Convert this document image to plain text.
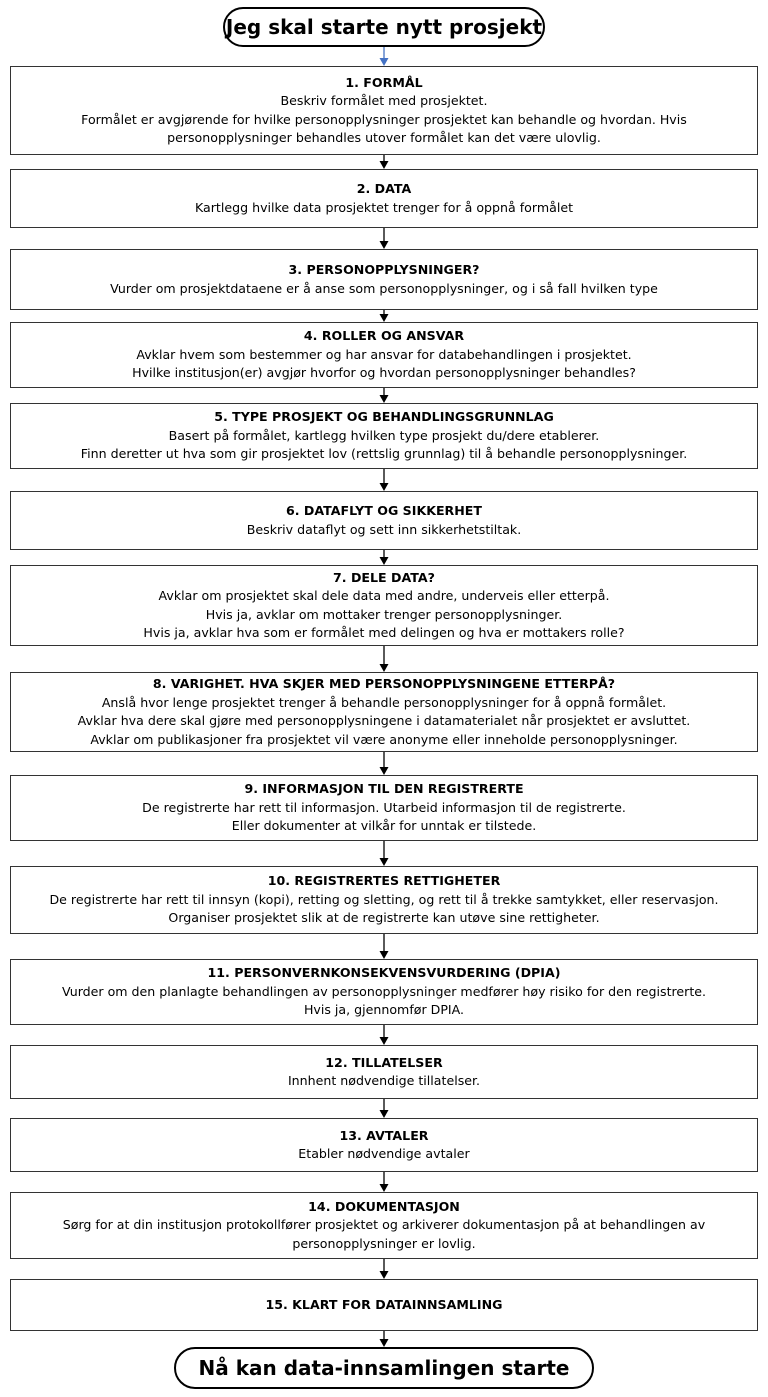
Jeg skal starte nytt prosjekt
1. FORMÅL
Beskriv formålet med prosjektet.
Formålet er avgjørende for hvilke personopplysninger prosjektet kan behandle og hvordan. Hvis personopplysninger behandles utover formålet kan det være ulovlig.
2. DATA
Kartlegg hvilke data prosjektet trenger for å oppnå formålet
3. PERSONOPPLYSNINGER?
Vurder om prosjektdataene er å anse som personopplysninger, og i så fall hvilken type
4. ROLLER OG ANSVAR
Avklar hvem som bestemmer og har ansvar for databehandlingen i prosjektet.
Hvilke institusjon(er) avgjør hvorfor og hvordan personopplysninger behandles?
5. TYPE PROSJEKT OG BEHANDLINGSGRUNNLAG
Basert på formålet, kartlegg hvilken type prosjekt du/dere etablerer.
Finn deretter ut hva som gir prosjektet lov (rettslig grunnlag) til å behandle personopplysninger.
6. DATAFLYT OG SIKKERHET
Beskriv dataflyt og sett inn sikkerhetstiltak.
7. DELE DATA?
Avklar om prosjektet skal dele data med andre, underveis eller etterpå.
Hvis ja, avklar om mottaker trenger personopplysninger.
Hvis ja, avklar hva som er formålet med delingen og hva er mottakers rolle?
8. VARIGHET. HVA SKJER MED PERSONOPPLYSNINGENE ETTERPÅ?
Anslå hvor lenge prosjektet trenger å behandle personopplysninger for å oppnå formålet.
Avklar hva dere skal gjøre med personopplysningene i datamaterialet når prosjektet er avsluttet.
Avklar om publikasjoner fra prosjektet vil være anonyme eller inneholde personopplysninger.
9. INFORMASJON TIL DEN REGISTRERTE
De registrerte har rett til informasjon. Utarbeid informasjon til de registrerte.
Eller dokumenter at vilkår for unntak er tilstede.
10. REGISTRERTES RETTIGHETER
De registrerte har rett til innsyn (kopi), retting og sletting, og rett til å trekke samtykket, eller reservasjon.
Organiser prosjektet slik at de registrerte kan utøve sine rettigheter.
11. PERSONVERNKONSEKVENSVURDERING (DPIA)
Vurder om den planlagte behandlingen av personopplysninger medfører høy risiko for den registrerte.
Hvis ja, gjennomfør DPIA.
12. TILLATELSER
Innhent nødvendige tillatelser.
13. AVTALER
Etabler nødvendige avtaler
14. DOKUMENTASJON
Sørg for at din institusjon protokollfører prosjektet og arkiverer dokumentasjon på at behandlingen av personopplysninger er lovlig.
15. KLART FOR DATAINNSAMLING
Nå kan data-innsamlingen starte
